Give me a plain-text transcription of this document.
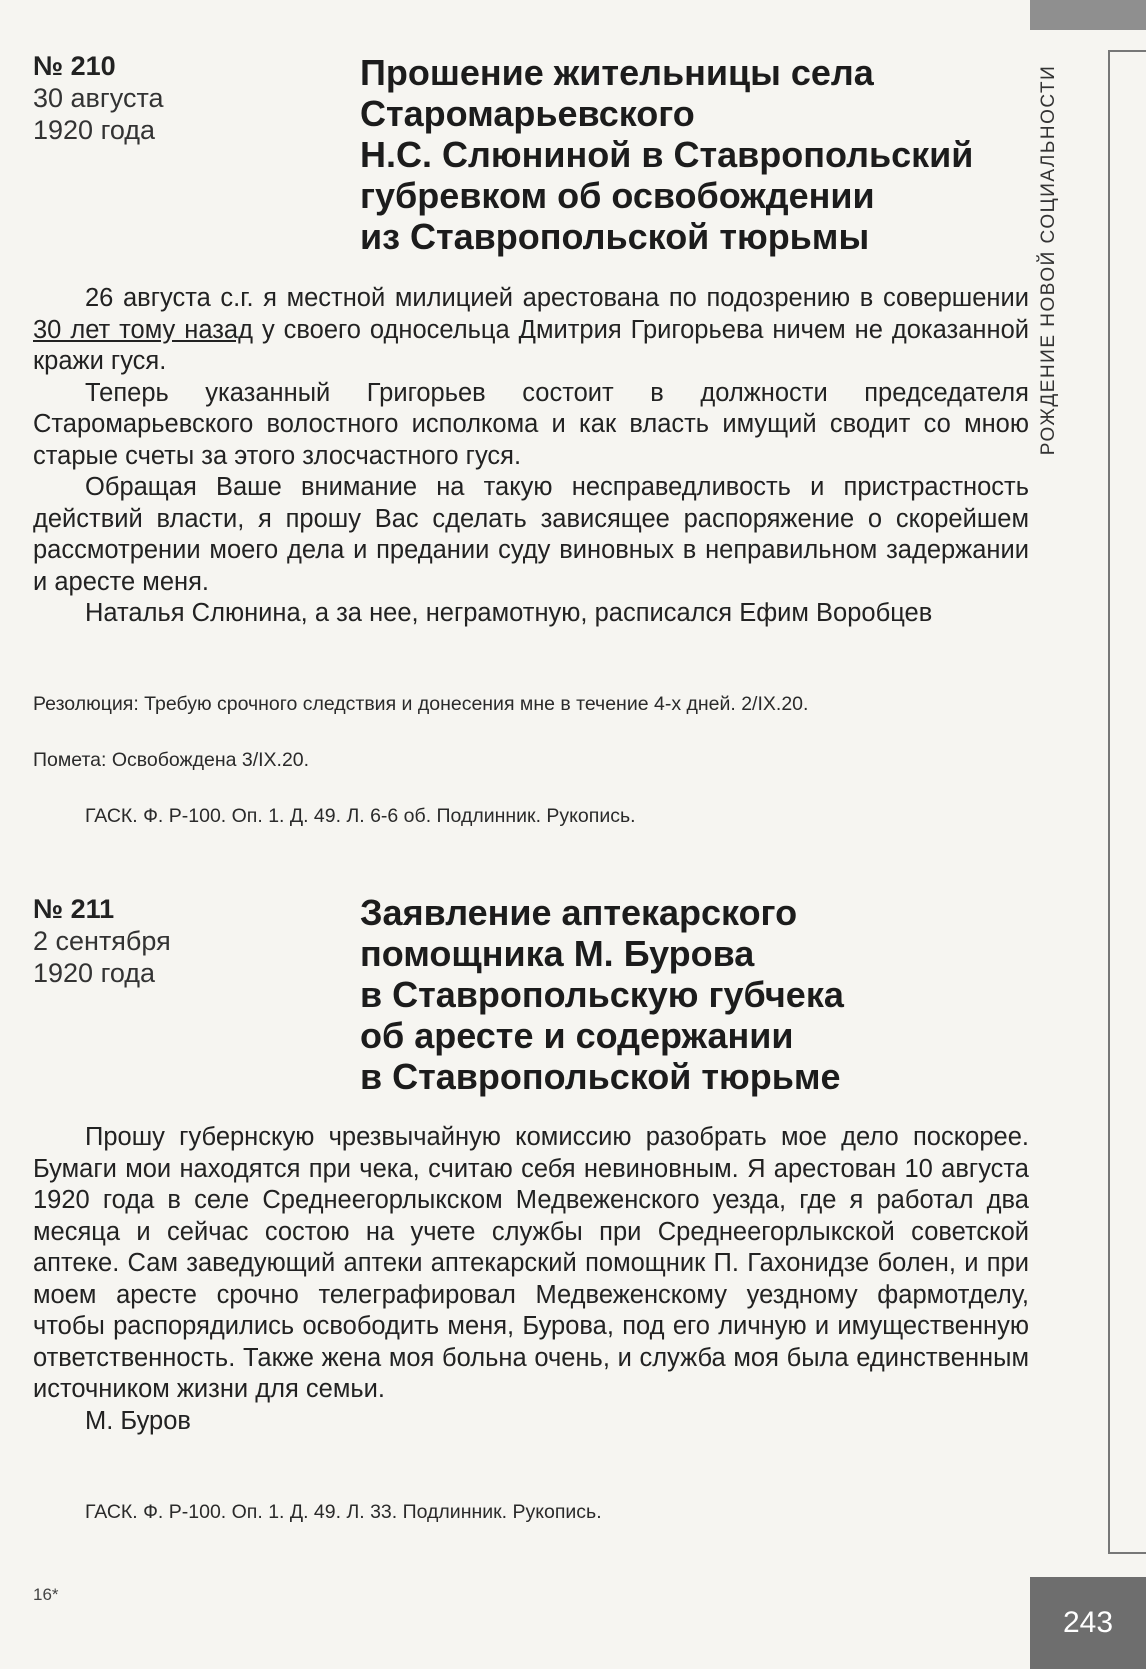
РОЖДЕНИЕ НОВОЙ СОЦИАЛЬНОСТИ
243
№ 210
30 августа
1920 года
Прошение жительницы села
Старомарьевского
Н.С. Слюниной в Ставропольский
губревком об освобождении
из Ставропольской тюрьмы

26 августа с.г. я местной милицией арестована по подозрению в совершении 30 лет тому назад у своего односельца Дмитрия Григорьева ничем не доказанной кражи гуся.

Теперь указанный Григорьев состоит в должности председателя Старомарьевского волостного исполкома и как власть имущий сводит со мною старые счеты за этого злосчастного гуся.

Обращая Ваше внимание на такую несправедливость и пристрастность действий власти, я прошу Вас сделать зависящее распоряжение о скорейшем рассмотрении моего дела и предании суду виновных в неправильном задержании и аресте меня.

Наталья Слюнина, а за нее, неграмотную, расписался Ефим Воробцев

Резолюция: Требую срочного следствия и донесения мне в течение 4-х дней. 2/IX.20.
Помета: Освобождена 3/IX.20.
ГАСК. Ф. Р-100. Оп. 1. Д. 49. Л. 6-6 об. Подлинник. Рукопись.
№ 211
2 сентября
1920 года
Заявление аптекарского
помощника М. Бурова
в Ставропольскую губчека
об аресте и содержании
в Ставропольской тюрьме

Прошу губернскую чрезвычайную комиссию разобрать мое дело поскорее. Бумаги мои находятся при чека, считаю себя невиновным. Я арестован 10 августа 1920 года в селе Среднеегорлыкском Медвеженского уезда, где я работал два месяца и сейчас состою на учете службы при Среднеегорлыкской советской аптеке. Сам заведующий аптеки аптекарский помощник П. Гахонидзе болен, и при моем аресте срочно телеграфировал Медвеженскому уездному фармотделу, чтобы распорядились освободить меня, Бурова, под его личную и имущественную ответственность. Также жена моя больна очень, и служба моя была единственным источником жизни для семьи.

М. Буров

ГАСК. Ф. Р-100. Оп. 1. Д. 49. Л. 33. Подлинник. Рукопись.
16*
